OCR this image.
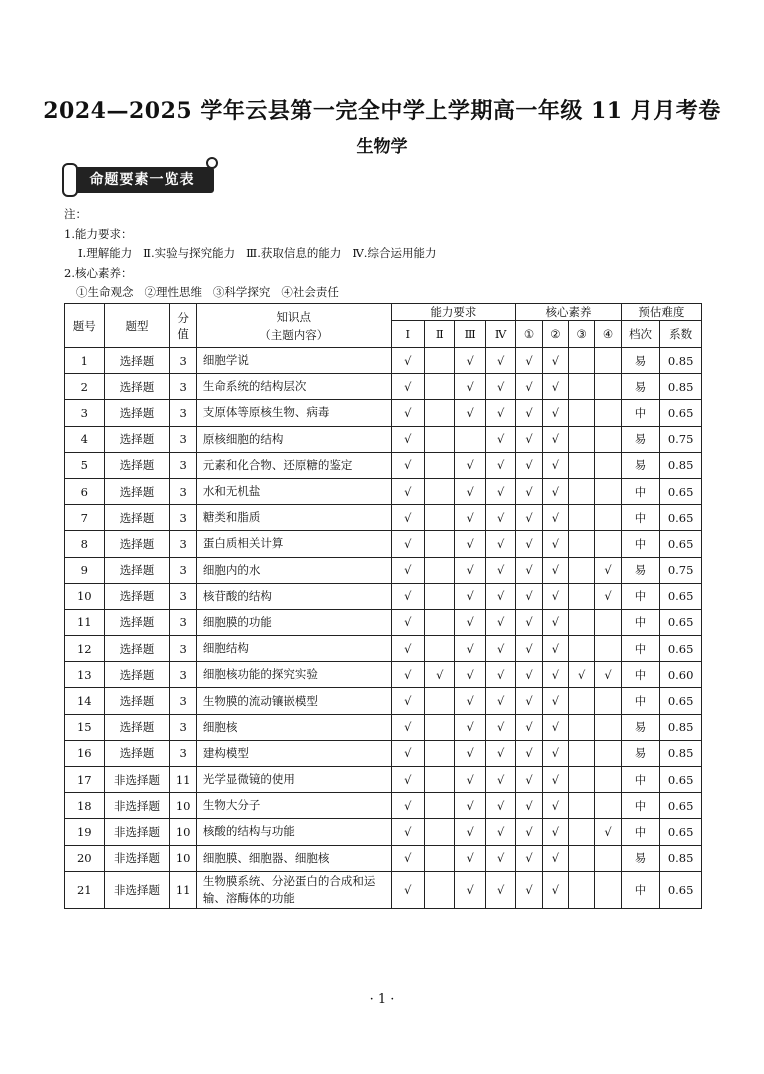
2024—2025 学年云县第一完全中学上学期高一年级 11 月月考卷
生物学
命题要素一览表
注：
1.能力要求：
Ⅰ.理解能力   Ⅱ.实验与探究能力   Ⅲ.获取信息的能力   Ⅳ.综合运用能力
2.核心素养：
①生命观念   ②理性思维   ③科学探究   ④社会责任
题号	题型	分值	知识点
（主题内容）	能力要求				核心素养				预估难度	
				Ⅰ	Ⅱ	Ⅲ	Ⅳ	①	②	③	④	档次	系数
1	选择题	3	细胞学说	√		√	√	√	√			易	0.85
2	选择题	3	生命系统的结构层次	√		√	√	√	√			易	0.85
3	选择题	3	支原体等原核生物、病毒	√		√	√	√	√			中	0.65
4	选择题	3	原核细胞的结构	√			√	√	√			易	0.75
5	选择题	3	元素和化合物、还原糖的鉴定	√		√	√	√	√			易	0.85
6	选择题	3	水和无机盐	√		√	√	√	√			中	0.65
7	选择题	3	糖类和脂质	√		√	√	√	√			中	0.65
8	选择题	3	蛋白质相关计算	√		√	√	√	√			中	0.65
9	选择题	3	细胞内的水	√		√	√	√	√		√	易	0.75
10	选择题	3	核苷酸的结构	√		√	√	√	√		√	中	0.65
11	选择题	3	细胞膜的功能	√		√	√	√	√			中	0.65
12	选择题	3	细胞结构	√		√	√	√	√			中	0.65
13	选择题	3	细胞核功能的探究实验	√	√	√	√	√	√	√	√	中	0.60
14	选择题	3	生物膜的流动镶嵌模型	√		√	√	√	√			中	0.65
15	选择题	3	细胞核	√		√	√	√	√			易	0.85
16	选择题	3	建构模型	√		√	√	√	√			易	0.85
17	非选择题	11	光学显微镜的使用	√		√	√	√	√			中	0.65
18	非选择题	10	生物大分子	√		√	√	√	√			中	0.65
19	非选择题	10	核酸的结构与功能	√		√	√	√	√		√	中	0.65
20	非选择题	10	细胞膜、细胞器、细胞核	√		√	√	√	√			易	0.85
21	非选择题	11	生物膜系统、分泌蛋白的合成和运输、溶酶体的功能	√		√	√	√	√			中	0.65
· 1 ·
